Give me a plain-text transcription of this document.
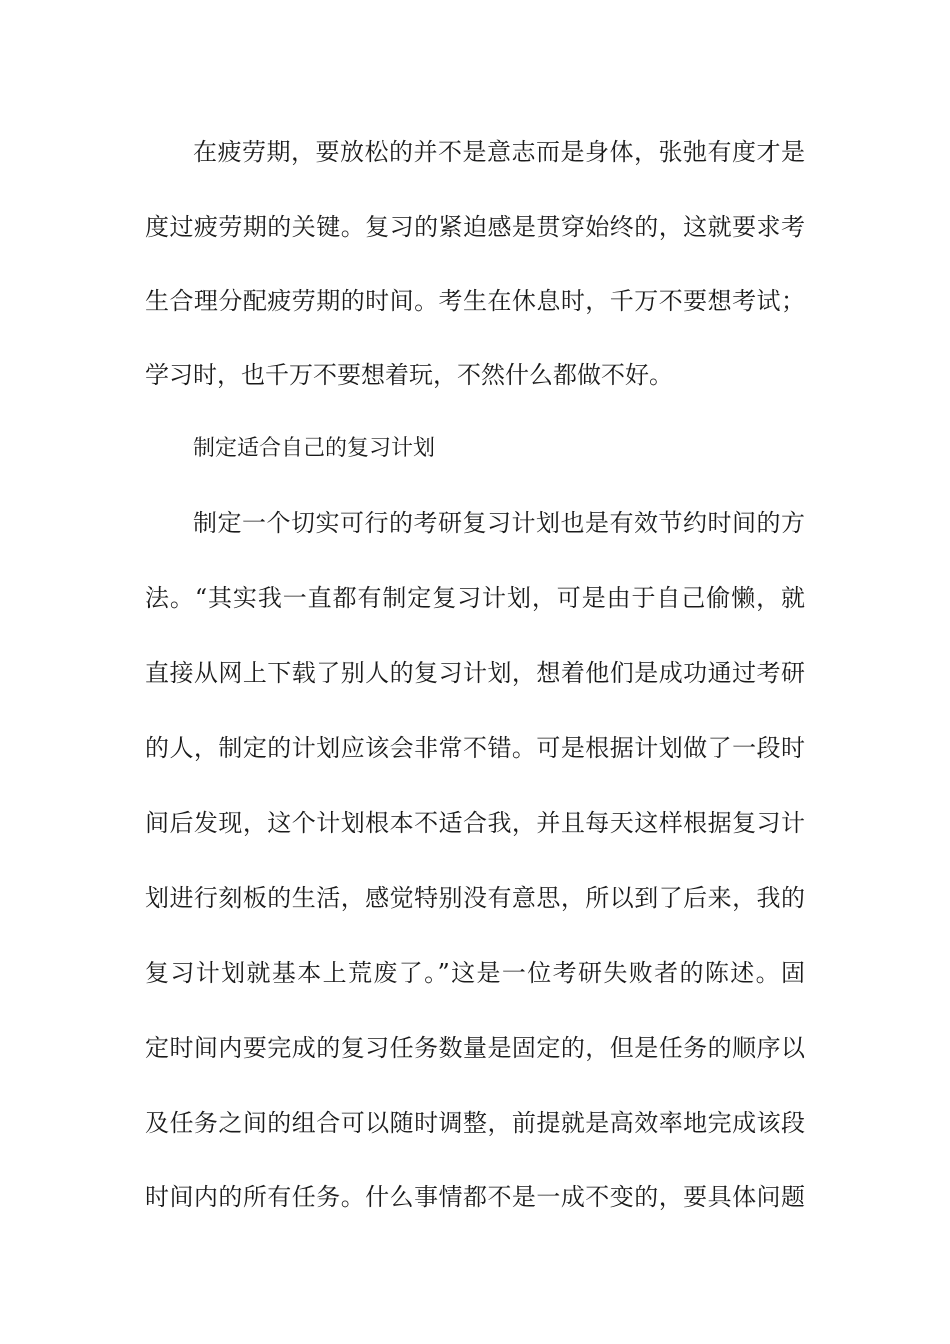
在疲劳期，要放松的并不是意志而是身体，张弛有度才是
度过疲劳期的关键。复习的紧迫感是贯穿始终的，这就要求考
生合理分配疲劳期的时间。考生在休息时，千万不要想考试；
学习时，也千万不要想着玩，不然什么都做不好。
制定适合自己的复习计划
制定一个切实可行的考研复习计划也是有效节约时间的方
法。“其实我一直都有制定复习计划，可是由于自己偷懒，就
直接从网上下载了别人的复习计划，想着他们是成功通过考研
的人，制定的计划应该会非常不错。可是根据计划做了一段时
间后发现，这个计划根本不适合我，并且每天这样根据复习计
划进行刻板的生活，感觉特别没有意思，所以到了后来，我的
复习计划就基本上荒废了。”这是一位考研失败者的陈述。固
定时间内要完成的复习任务数量是固定的，但是任务的顺序以
及任务之间的组合可以随时调整，前提就是高效率地完成该段
时间内的所有任务。什么事情都不是一成不变的，要具体问题
